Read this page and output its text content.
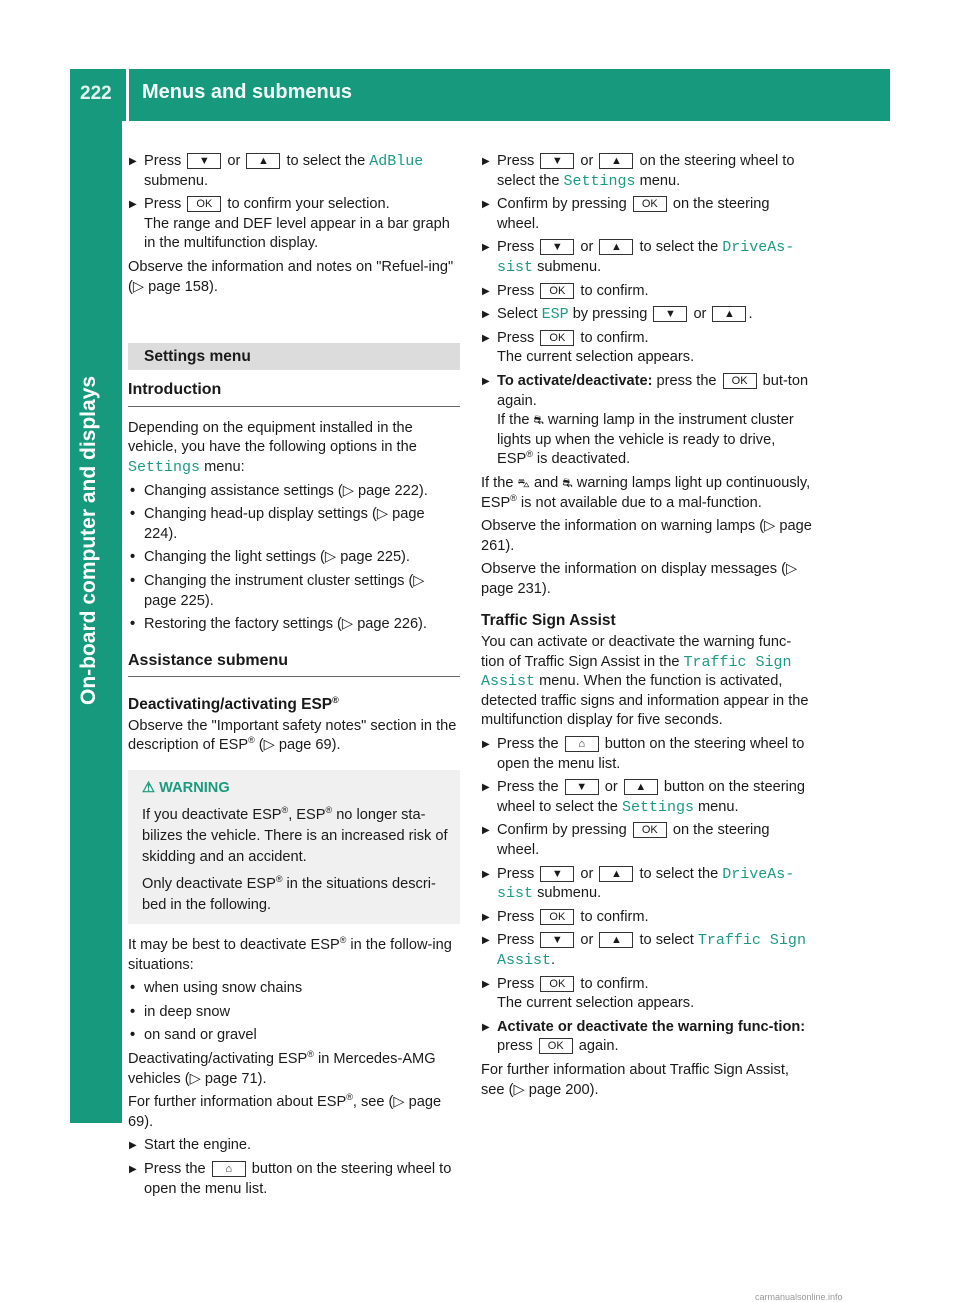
222	Menus and submenus
On-board computer and displays
▶ Press ▼ or ▲ to select the AdBlue submenu.
▶ Press OK to confirm your selection.
The range and DEF level appear in a bar graph in the multifunction display.

Observe the information and notes on "Refuel-ing" (▷ page 158).

Settings menu
Introduction

Depending on the equipment installed in the vehicle, you have the following options in the Settings menu:

• Changing assistance settings (▷ page 222).
• Changing head-up display settings (▷ page 224).
• Changing the light settings (▷ page 225).
• Changing the instrument cluster settings (▷ page 225).
• Restoring the factory settings (▷ page 226).
Assistance submenu
Deactivating/activating ESP®

Observe the "Important safety notes" section in the description of ESP® (▷ page 69).

⚠ WARNING

If you deactivate ESP®, ESP® no longer sta-bilizes the vehicle. There is an increased risk of skidding and an accident.

Only deactivate ESP® in the situations descri-bed in the following.

It may be best to deactivate ESP® in the follow-ing situations:

• when using snow chains
• in deep snow
• on sand or gravel

Deactivating/activating ESP® in Mercedes-AMG vehicles (▷ page 71).

For further information about ESP®, see (▷ page 69).

▶ Start the engine.
▶ Press the ⌂ button on the steering wheel to open the menu list.
▶ Press ▼ or ▲ on the steering wheel to select the Settings menu.
▶ Confirm by pressing OK on the steering wheel.
▶ Press ▼ or ▲ to select the DriveAs-sist submenu.
▶ Press OK to confirm.
▶ Select ESP by pressing ▼ or ▲ .
▶ Press OK to confirm.
The current selection appears.
▶ To activate/deactivate: press the OK but-ton again.
If the ⛐ warning lamp in the instrument cluster lights up when the vehicle is ready to drive, ESP® is deactivated.

If the ⛍ and ⛐ warning lamps light up continuously, ESP® is not available due to a mal-function.

Observe the information on warning lamps (▷ page 261).

Observe the information on display messages (▷ page 231).

Traffic Sign Assist

You can activate or deactivate the warning func-tion of Traffic Sign Assist in the Traffic Sign Assist menu. When the function is activated, detected traffic signs and information appear in the multifunction display for five seconds.

▶ Press the ⌂ button on the steering wheel to open the menu list.
▶ Press the ▼ or ▲ button on the steering wheel to select the Settings menu.
▶ Confirm by pressing OK on the steering wheel.
▶ Press ▼ or ▲ to select the DriveAs-sist submenu.
▶ Press OK to confirm.
▶ Press ▼ or ▲ to select Traffic Sign Assist.
▶ Press OK to confirm.
The current selection appears.
▶ Activate or deactivate the warning func-tion: press OK again.

For further information about Traffic Sign Assist, see (▷ page 200).

carmanualsonline.info
